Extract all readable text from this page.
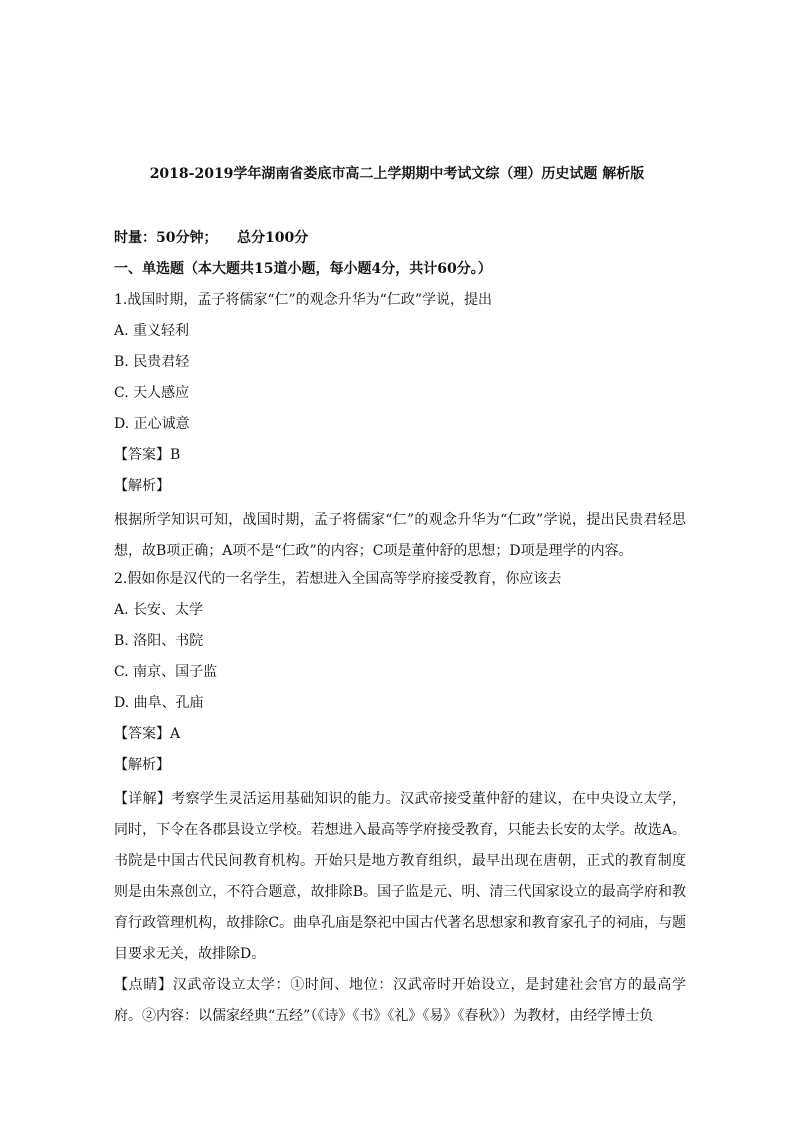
2018-2019学年湖南省娄底市高二上学期期中考试文综（理）历史试题 解析版
时量：50分钟；    总分100分
一、单选题（本大题共15道小题，每小题4分，共计60分。）
1.战国时期，孟子将儒家“仁”的观念升华为“仁政”学说，提出
A. 重义轻利
B. 民贵君轻
C. 天人感应
D. 正心诚意
【答案】B
【解析】
根据所学知识可知，战国时期，孟子将儒家“仁”的观念升华为“仁政”学说，提出民贵君轻思想，故B项正确；A项不是“仁政”的内容；C项是董仲舒的思想；D项是理学的内容。
2.假如你是汉代的一名学生，若想进入全国高等学府接受教育，你应该去
A. 长安、太学
B. 洛阳、书院
C. 南京、国子监
D. 曲阜、孔庙
【答案】A
【解析】
【详解】考察学生灵活运用基础知识的能力。汉武帝接受董仲舒的建议，在中央设立太学，同时，下令在各郡县设立学校。若想进入最高等学府接受教育，只能去长安的太学。故选A。书院是中国古代民间教育机构。开始只是地方教育组织，最早出现在唐朝，正式的教育制度则是由朱熹创立，不符合题意，故排除B。国子监是元、明、清三代国家设立的最高学府和教育行政管理机构，故排除C。曲阜孔庙是祭祀中国古代著名思想家和教育家孔子的祠庙，与题目要求无关，故排除D。
【点睛】汉武帝设立太学：①时间、地位：汉武帝时开始设立，是封建社会官方的最高学府。②内容：以儒家经典“五经”（《诗》《书》《礼》《易》《春秋》）为教材，由经学博士负
